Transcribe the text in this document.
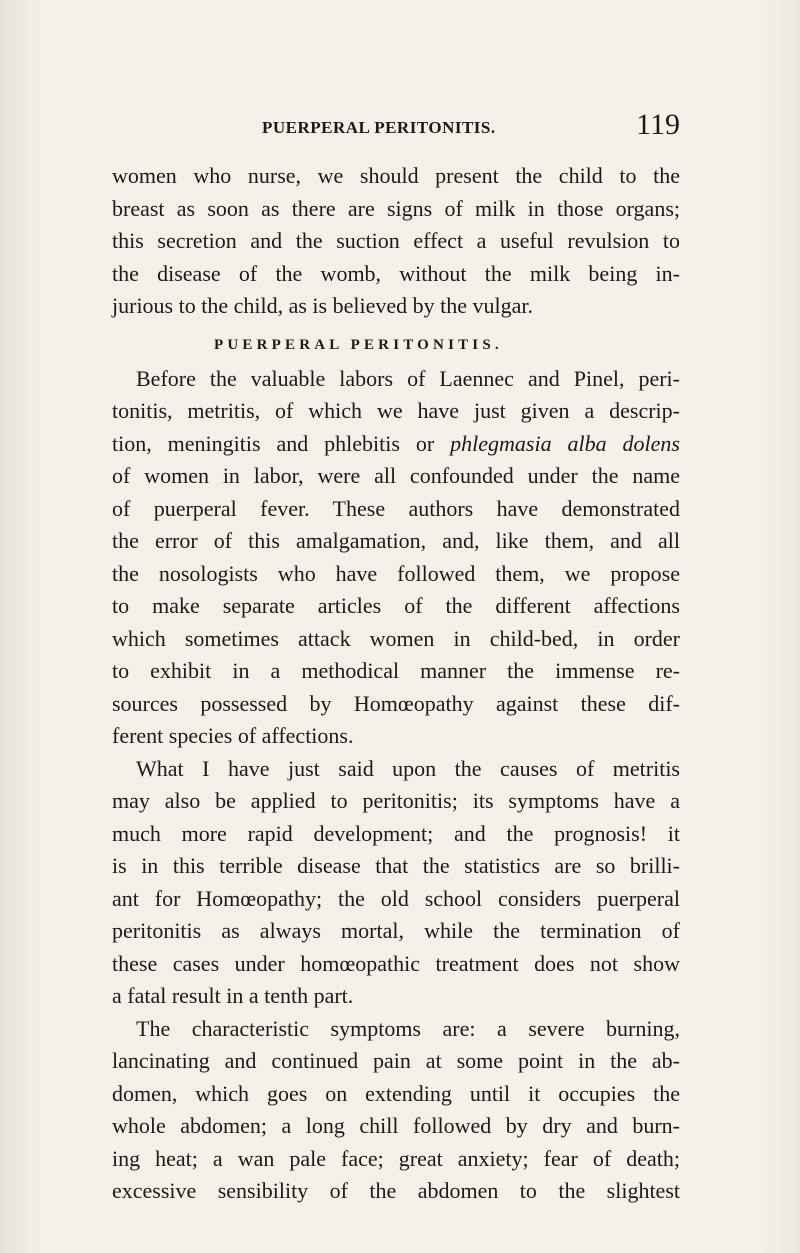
PUERPERAL PERITONITIS.	119
women who nurse, we should present the child to the
breast as soon as there are signs of milk in those organs;
this secretion and the suction effect a useful revulsion to
the disease of the womb, without the milk being in-
jurious to the child, as is believed by the vulgar.
PUERPERAL PERITONITIS.
Before the valuable labors of Laennec and Pinel, peri-
tonitis, metritis, of which we have just given a descrip-
tion, meningitis and phlebitis or phlegmasia alba dolens
of women in labor, were all confounded under the name
of puerperal fever. These authors have demonstrated
the error of this amalgamation, and, like them, and all
the nosologists who have followed them, we propose
to make separate articles of the different affections
which sometimes attack women in child-bed, in order
to exhibit in a methodical manner the immense re-
sources possessed by Homœopathy against these dif-
ferent species of affections.
What I have just said upon the causes of metritis
may also be applied to peritonitis; its symptoms have a
much more rapid development; and the prognosis! it
is in this terrible disease that the statistics are so brilli-
ant for Homœopathy; the old school considers puerperal
peritonitis as always mortal, while the termination of
these cases under homœopathic treatment does not show
a fatal result in a tenth part.
The characteristic symptoms are: a severe burning,
lancinating and continued pain at some point in the ab-
domen, which goes on extending until it occupies the
whole abdomen; a long chill followed by dry and burn-
ing heat; a wan pale face; great anxiety; fear of death;
excessive sensibility of the abdomen to the slightest
